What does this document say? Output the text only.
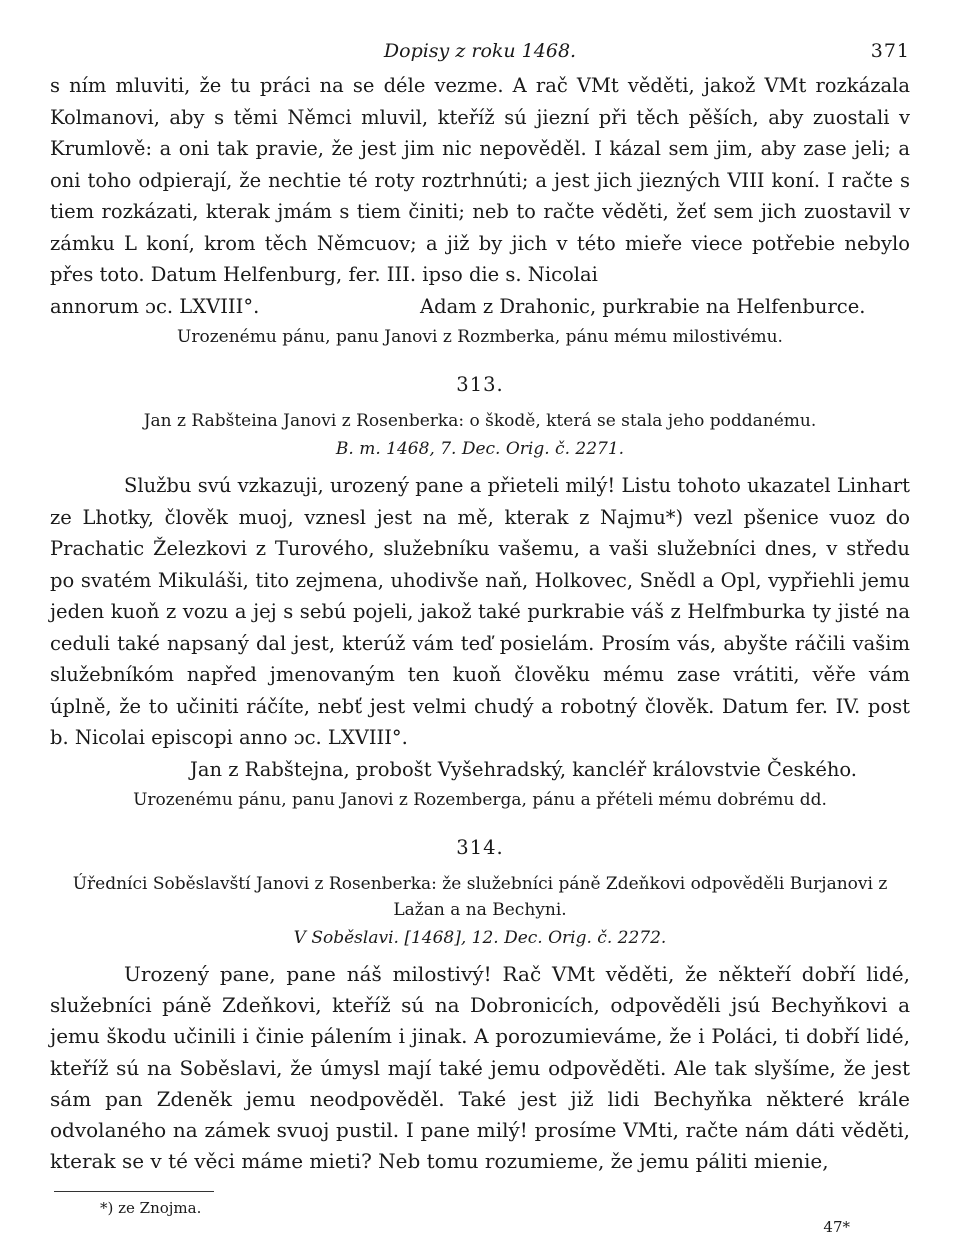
Dopisy z roku 1468.	371

s ním mluviti, že tu práci na se déle vezme. A rač VMt věděti, jakož VMt rozkázala Kolmanovi, aby s těmi Němci mluvil, kteříž sú jiezní při těch pěších, aby zuostali v Krumlově: a oni tak pravie, že jest jim nic nepověděl. I kázal sem jim, aby zase jeli; a oni toho odpierají, že nechtie té roty roztrhnúti; a jest jich jiezných VIII koní. I račte s tiem rozkázati, kterak jmám s tiem činiti; neb to račte věděti, žeť sem jich zuostavil v zámku L koní, krom těch Němcuov; a již by jich v této mieře viece potřebie nebylo přes toto. Datum Helfenburg, fer. III. ipso die s. Nicolai

annorum ɔc. LXVIII°.	Adam z Drahonic, purkrabie na Helfenburce.
Urozenému pánu, panu Janovi z Rozmberka, pánu mému milostivému.
313.
Jan z Rabšteina Janovi z Rosenberka: o škodě, která se stala jeho poddanému.
B. m. 1468, 7. Dec. Orig. č. 2271.

Službu svú vzkazuji, urozený pane a přieteli milý! Listu tohoto ukazatel Linhart ze Lhotky, člověk muoj, vznesl jest na mě, kterak z Najmu*) vezl pšenice vuoz do Prachatic Železkovi z Turového, služebníku vašemu, a vaši služebníci dnes, v středu po svatém Mikuláši, tito zejmena, uhodivše naň, Holkovec, Snědl a Opl, vypřiehli jemu jeden kuoň z vozu a jej s sebú pojeli, jakož také purkrabie váš z Helfmburka ty jisté na ceduli také napsaný dal jest, kterúž vám teď posielám. Prosím vás, abyšte ráčili vašim služebníkóm napřed jmenovaným ten kuoň člověku mému zase vrátiti, věře vám úplně, že to učiniti ráčíte, nebť jest velmi chudý a robotný člověk. Datum fer. IV. post b. Nicolai episcopi anno ɔc. LXVIII°.

Jan z Rabštejna, probošt Vyšehradský, kancléř královstvie Českého.
Urozenému pánu, panu Janovi z Rozemberga, pánu a přételi mému dobrému dd.
314.
Úředníci Soběslavští Janovi z Rosenberka: že služebníci páně Zdeňkovi odpověděli Burjanovi z Lažan a na Bechyni.
V Soběslavi. [1468], 12. Dec. Orig. č. 2272.

Urozený pane, pane náš milostivý! Rač VMt věděti, že někteří dobří lidé, služebníci páně Zdeňkovi, kteříž sú na Dobronicích, odpověděli jsú Bechyňkovi a jemu škodu učinili i činie pálením i jinak. A porozumieváme, že i Poláci, ti dobří lidé, kteříž sú na Soběslavi, že úmysl mají také jemu odpověděti. Ale tak slyšíme, že jest sám pan Zdeněk jemu neodpověděl. Také jest již lidi Bechyňka některé krále odvolaného na zámek svuoj pustil. I pane milý! prosíme VMti, račte nám dáti věděti, kterak se v té věci máme mieti? Neb tomu rozumieme, že jemu páliti mienie,

*) ze Znojma.
47*
